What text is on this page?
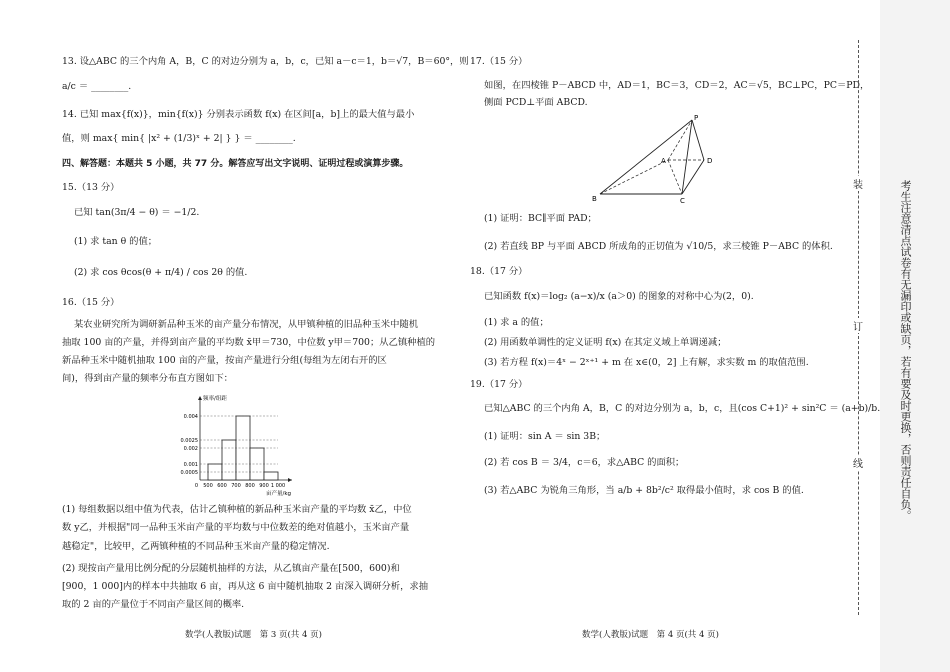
13. 设△ABC 的三个内角 A，B，C 的对边分别为 a，b，c，已知 a－c＝1，b＝√7，B＝60°，则
a/c ＝ ________.
14. 已知 max{f(x)}，min{f(x)} 分别表示函数 f(x) 在区间[a，b]上的最大值与最小
值，则 max{ min{ |x² + (1/3)ˣ + 2| } } ＝ ________.
四、解答题：本题共 5 小题，共 77 分。解答应写出文字说明、证明过程或演算步骤。
15.（13 分）
已知 tan(3π/4 − θ) ＝ −1/2.
(1) 求 tan θ 的值；
(2) 求 cos θcos(θ + π/4) / cos 2θ 的值.
16.（15 分）
某农业研究所为调研新品种玉米的亩产量分布情况，从甲镇种植的旧品种玉米中随机
抽取 100 亩的产量，并得到亩产量的平均数 x̄甲＝730，中位数 y甲＝700；从乙镇种植的
新品种玉米中随机抽取 100 亩的产量，按亩产量进行分组(每组为左闭右开的区
间)，得到亩产量的频率分布直方图如下：
0.0005
0.001
0.002
0.0025
0.004
0 500 600 700 800 900 1 000
频率/组距
亩产量/kg
(1) 每组数据以组中值为代表，估计乙镇种植的新品种玉米亩产量的平均数 x̄乙，中位
数 y乙，并根据"同一品种玉米亩产量的平均数与中位数差的绝对值越小，玉米亩产量
越稳定"，比较甲，乙两镇种植的不同品种玉米亩产量的稳定情况.
(2) 现按亩产量用比例分配的分层随机抽样的方法，从乙镇亩产量在[500，600)和
[900，1 000]内的样本中共抽取 6 亩，再从这 6 亩中随机抽取 2 亩深入调研分析，求抽
取的 2 亩的产量位于不同亩产量区间的概率.
数学(人教版)试题　第 3 页(共 4 页)
17.（15 分）
如图，在四棱锥 P－ABCD 中，AD＝1，BC＝3，CD＝2，AC＝√5，BC⊥PC，PC＝PD，
侧面 PCD⊥平面 ABCD.
P
A
B	C
D
(1) 证明：BC∥平面 PAD；
(2) 若直线 BP 与平面 ABCD 所成角的正切值为 √10/5，求三棱锥 P－ABC 的体积.
18.（17 分）
已知函数 f(x)＝log₂ (a−x)/x (a＞0) 的图象的对称中心为(2，0).
(1) 求 a 的值；
(2) 用函数单调性的定义证明 f(x) 在其定义域上单调递减；
(3) 若方程 f(x)＝4ˣ − 2ˣ⁺¹ + m 在 x∈(0，2] 上有解，求实数 m 的取值范围.
19.（17 分）
已知△ABC 的三个内角 A，B，C 的对边分别为 a，b，c，且(cos C+1)² + sin²C ＝ (a+b)/b.
(1) 证明：sin A ＝ sin 3B；
(2) 若 cos B ＝ 3/4，c＝6，求△ABC 的面积；
(3) 若△ABC 为锐角三角形，当 a/b + 8b²/c² 取得最小值时，求 cos B 的值.
数学(人教版)试题　第 4 页(共 4 页)
装
订
线	考生注意清点试卷有无漏印或缺页，若有要及时更换，否则责任自负。
